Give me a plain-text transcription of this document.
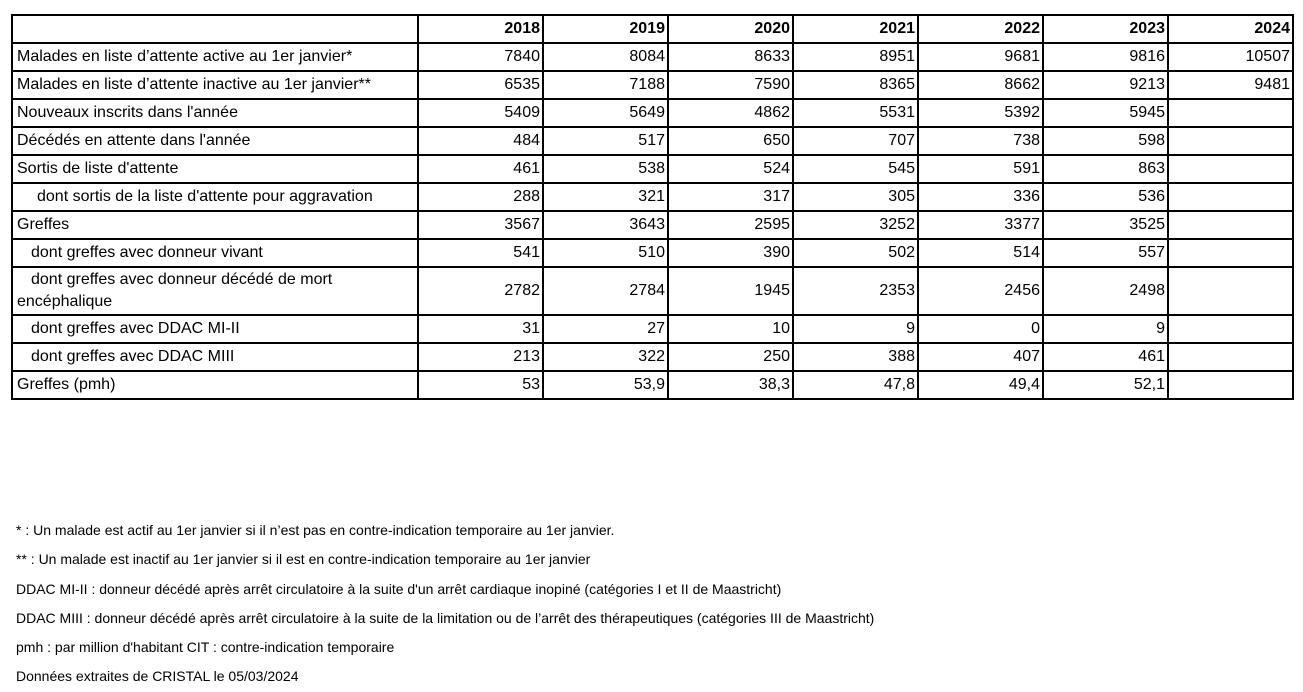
	2018	2019	2020	2021	2022	2023	2024
Malades en liste d’attente active au 1er janvier*	7840	8084	8633	8951	9681	9816	10507
Malades en liste d’attente inactive au 1er janvier**	6535	7188	7590	8365	8662	9213	9481
Nouveaux inscrits dans l'année	5409	5649	4862	5531	5392	5945	
Décédés en attente dans l'année	484	517	650	707	738	598	
Sortis de liste d'attente	461	538	524	545	591	863	
dont sortis de la liste d'attente pour aggravation	288	321	317	305	336	536	
Greffes	3567	3643	2595	3252	3377	3525	
dont greffes avec donneur vivant	541	510	390	502	514	557	
dont greffes avec donneur décédé de mort
encéphalique	2782	2784	1945	2353	2456	2498	
dont greffes avec DDAC MI-II	31	27	10	9	0	9	
dont greffes avec DDAC MIII	213	322	250	388	407	461	
Greffes (pmh)	53	53,9	38,3	47,8	49,4	52,1	

* : Un malade est actif au 1er janvier si il n’est pas en contre-indication temporaire au 1er janvier.

** : Un malade est inactif au 1er janvier si il est en contre-indication temporaire au 1er janvier

DDAC MI-II : donneur décédé après arrêt circulatoire à la suite d'un arrêt cardiaque inopiné (catégories I et II de Maastricht)

DDAC MIII : donneur décédé après arrêt circulatoire à la suite de la limitation ou de l’arrêt des thérapeutiques (catégories III de Maastricht)

pmh : par million d'habitant CIT : contre-indication temporaire

Données extraites de CRISTAL le 05/03/2024
